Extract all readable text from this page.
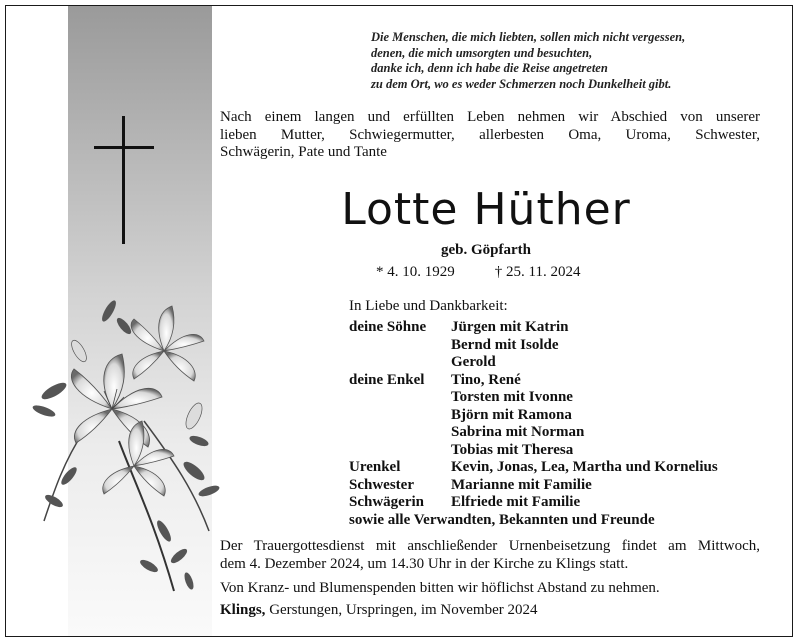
Die Menschen, die mich liebten, sollen mich nicht vergessen,
denen, die mich umsorgten und besuchten,
danke ich, denn ich habe die Reise angetreten
zu dem Ort, wo es weder Schmerzen noch Dunkelheit gibt.
Nach einem langen und erfüllten Leben nehmen wir Abschied von unserer
lieben Mutter, Schwiegermutter, allerbesten Oma, Uroma, Schwester,
Schwägerin, Pate und Tante
Lotte Hüther
geb. Göpfarth
* 4. 10. 1929	† 25. 11. 2024
In Liebe und Dankbarkeit:
deine Söhne	Jürgen mit Katrin
Bernd mit Isolde
Gerold
deine Enkel	Tino, René
Torsten mit Ivonne
Björn mit Ramona
Sabrina mit Norman
Tobias mit Theresa
Urenkel	Kevin, Jonas, Lea, Martha und Kornelius
Schwester	Marianne mit Familie
Schwägerin	Elfriede mit Familie
sowie alle Verwandten, Bekannten und Freunde
Der Trauergottesdienst mit anschließender Urnenbeisetzung findet am Mittwoch,
dem 4. Dezember 2024, um 14.30 Uhr in der Kirche zu Klings statt.
Von Kranz- und Blumenspenden bitten wir höflichst Abstand zu nehmen.
Klings, Gerstungen, Urspringen, im November 2024
